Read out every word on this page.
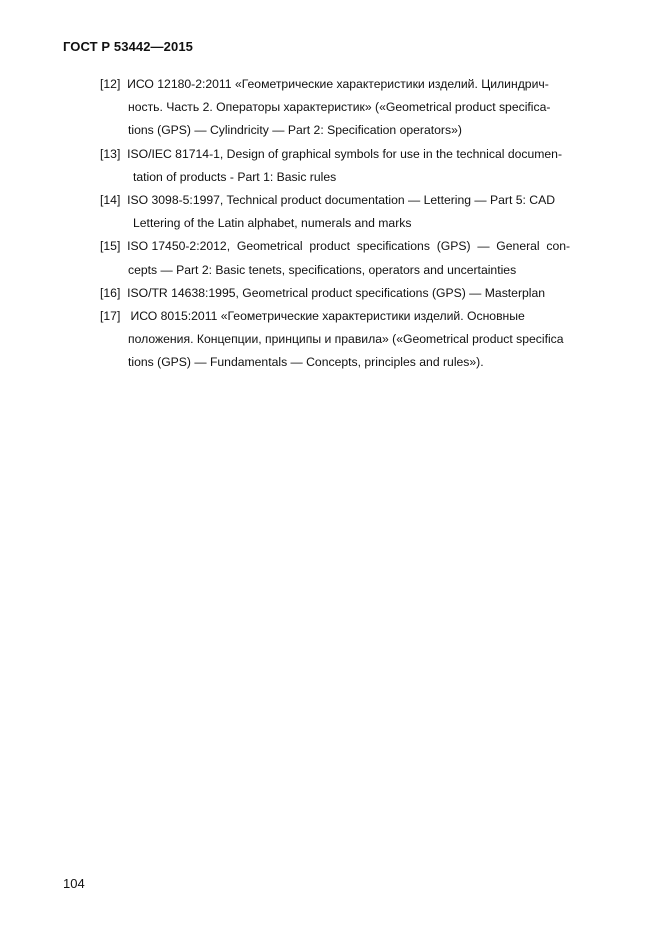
ГОСТ Р 53442—2015
[12]  ИСО 12180-2:2011 «Геометрические характеристики изделий. Цилиндрич-
ность. Часть 2. Операторы характеристик» («Geometrical product specifica-
tions (GPS) — Cylindricity — Part 2: Specification operators»)
[13]  ISO/IEC 81714-1, Design of graphical symbols for use in the technical documen-
tation of products - Part 1: Basic rules
[14]  ISO 3098-5:1997, Technical product documentation — Lettering — Part 5: CAD
Lettering of the Latin alphabet, numerals and marks
[15]  ISO 17450-2:2012,  Geometrical  product  specifications  (GPS)  —  General  con-
cepts — Part 2: Basic tenets, specifications, operators and uncertainties
[16]  ISO/TR 14638:1995, Geometrical product specifications (GPS) — Masterplan
[17]   ИСО 8015:2011 «Геометрические характеристики изделий. Основные
положения. Концепции, принципы и правила» («Geometrical product specifica
tions (GPS) — Fundamentals — Concepts, principles and rules»).
104
